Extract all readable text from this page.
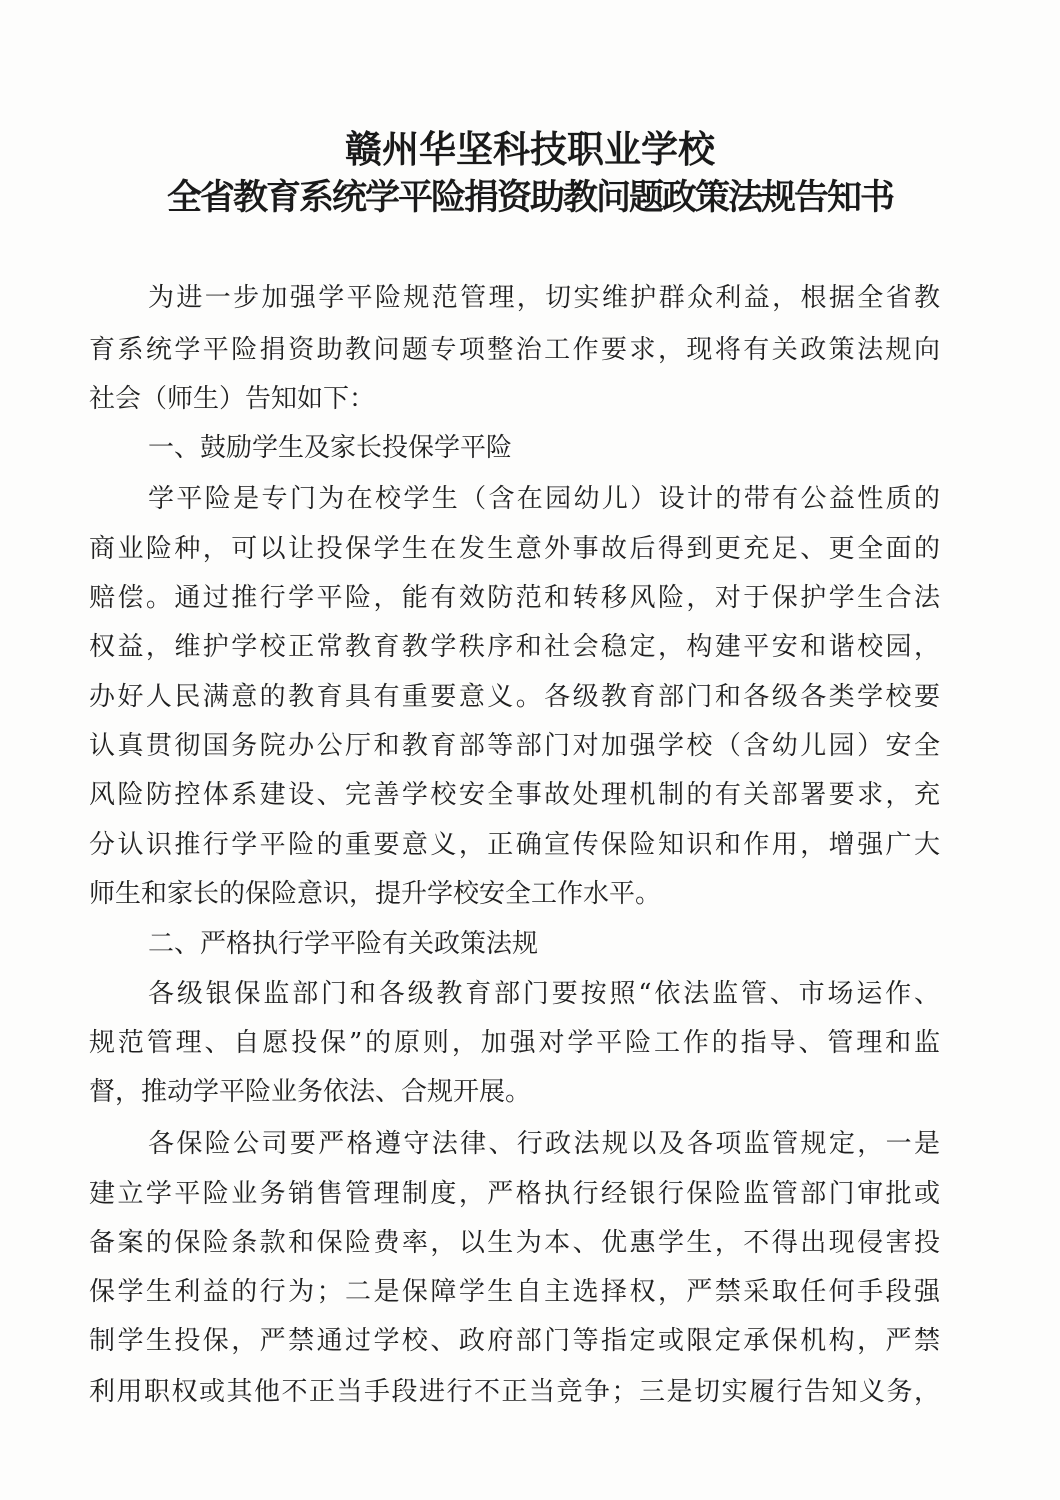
赣州华坚科技职业学校
全省教育系统学平险捐资助教问题政策法规告知书
为进一步加强学平险规范管理，切实维护群众利益，根据全省教
育系统学平险捐资助教问题专项整治工作要求，现将有关政策法规向
社会（师生）告知如下：
一、鼓励学生及家长投保学平险
学平险是专门为在校学生（含在园幼儿）设计的带有公益性质的
商业险种，可以让投保学生在发生意外事故后得到更充足、更全面的
赔偿。通过推行学平险，能有效防范和转移风险，对于保护学生合法
权益，维护学校正常教育教学秩序和社会稳定，构建平安和谐校园，
办好人民满意的教育具有重要意义。各级教育部门和各级各类学校要
认真贯彻国务院办公厅和教育部等部门对加强学校（含幼儿园）安全
风险防控体系建设、完善学校安全事故处理机制的有关部署要求，充
分认识推行学平险的重要意义，正确宣传保险知识和作用，增强广大
师生和家长的保险意识，提升学校安全工作水平。
二、严格执行学平险有关政策法规
各级银保监部门和各级教育部门要按照“依法监管、市场运作、
规范管理、自愿投保”的原则，加强对学平险工作的指导、管理和监
督，推动学平险业务依法、合规开展。
各保险公司要严格遵守法律、行政法规以及各项监管规定，一是
建立学平险业务销售管理制度，严格执行经银行保险监管部门审批或
备案的保险条款和保险费率，以生为本、优惠学生，不得出现侵害投
保学生利益的行为；二是保障学生自主选择权，严禁采取任何手段强
制学生投保，严禁通过学校、政府部门等指定或限定承保机构，严禁
利用职权或其他不正当手段进行不正当竞争；三是切实履行告知义务，
